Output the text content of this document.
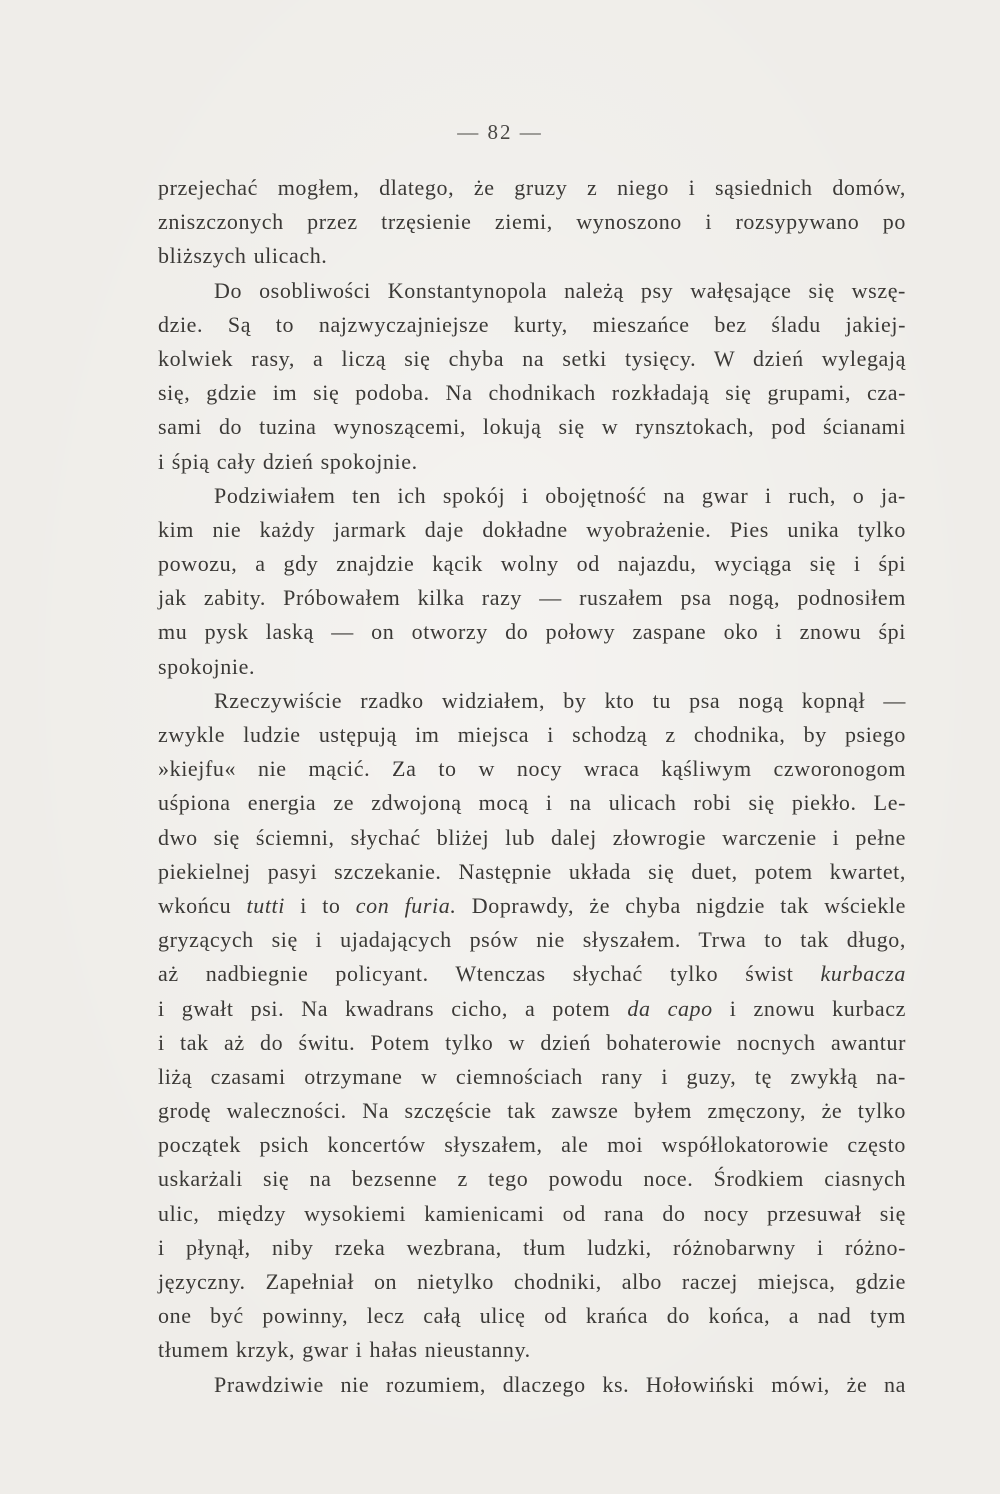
— 82 —
przejechać mogłem, dlatego, że gruzy z niego i sąsiednich domów,
zniszczonych przez trzęsienie ziemi, wynoszono i rozsypywano po
bliższych ulicach.
Do osobliwości Konstantynopola należą psy wałęsające się wszę-
dzie. Są to najzwyczajniejsze kurty, mieszańce bez śladu jakiej-
kolwiek rasy, a liczą się chyba na setki tysięcy. W dzień wylegają
się, gdzie im się podoba. Na chodnikach rozkładają się grupami, cza-
sami do tuzina wynoszącemi, lokują się w rynsztokach, pod ścianami
i śpią cały dzień spokojnie.
Podziwiałem ten ich spokój i obojętność na gwar i ruch, o ja-
kim nie każdy jarmark daje dokładne wyobrażenie. Pies unika tylko
powozu, a gdy znajdzie kącik wolny od najazdu, wyciąga się i śpi
jak zabity. Próbowałem kilka razy — ruszałem psa nogą, podnosiłem
mu pysk laską — on otworzy do połowy zaspane oko i znowu śpi
spokojnie.
Rzeczywiście rzadko widziałem, by kto tu psa nogą kopnął —
zwykle ludzie ustępują im miejsca i schodzą z chodnika, by psiego
»kiejfu« nie mącić. Za to w nocy wraca kąśliwym czworonogom
uśpiona energia ze zdwojoną mocą i na ulicach robi się piekło. Le-
dwo się ściemni, słychać bliżej lub dalej złowrogie warczenie i pełne
piekielnej pasyi szczekanie. Następnie układa się duet, potem kwartet,
wkońcu tutti i to con furia. Doprawdy, że chyba nigdzie tak wściekle
gryzących się i ujadających psów nie słyszałem. Trwa to tak długo,
aż nadbiegnie policyant. Wtenczas słychać tylko świst kurbacza
i gwałt psi. Na kwadrans cicho, a potem da capo i znowu kurbacz
i tak aż do świtu. Potem tylko w dzień bohaterowie nocnych awantur
liżą czasami otrzymane w ciemnościach rany i guzy, tę zwykłą na-
grodę waleczności. Na szczęście tak zawsze byłem zmęczony, że tylko
początek psich koncertów słyszałem, ale moi współlokatorowie często
uskarżali się na bezsenne z tego powodu noce. Środkiem ciasnych
ulic, między wysokiemi kamienicami od rana do nocy przesuwał się
i płynął, niby rzeka wezbrana, tłum ludzki, różnobarwny i różno-
języczny. Zapełniał on nietylko chodniki, albo raczej miejsca, gdzie
one być powinny, lecz całą ulicę od krańca do końca, a nad tym
tłumem krzyk, gwar i hałas nieustanny.
Prawdziwie nie rozumiem, dlaczego ks. Hołowiński mówi, że na
